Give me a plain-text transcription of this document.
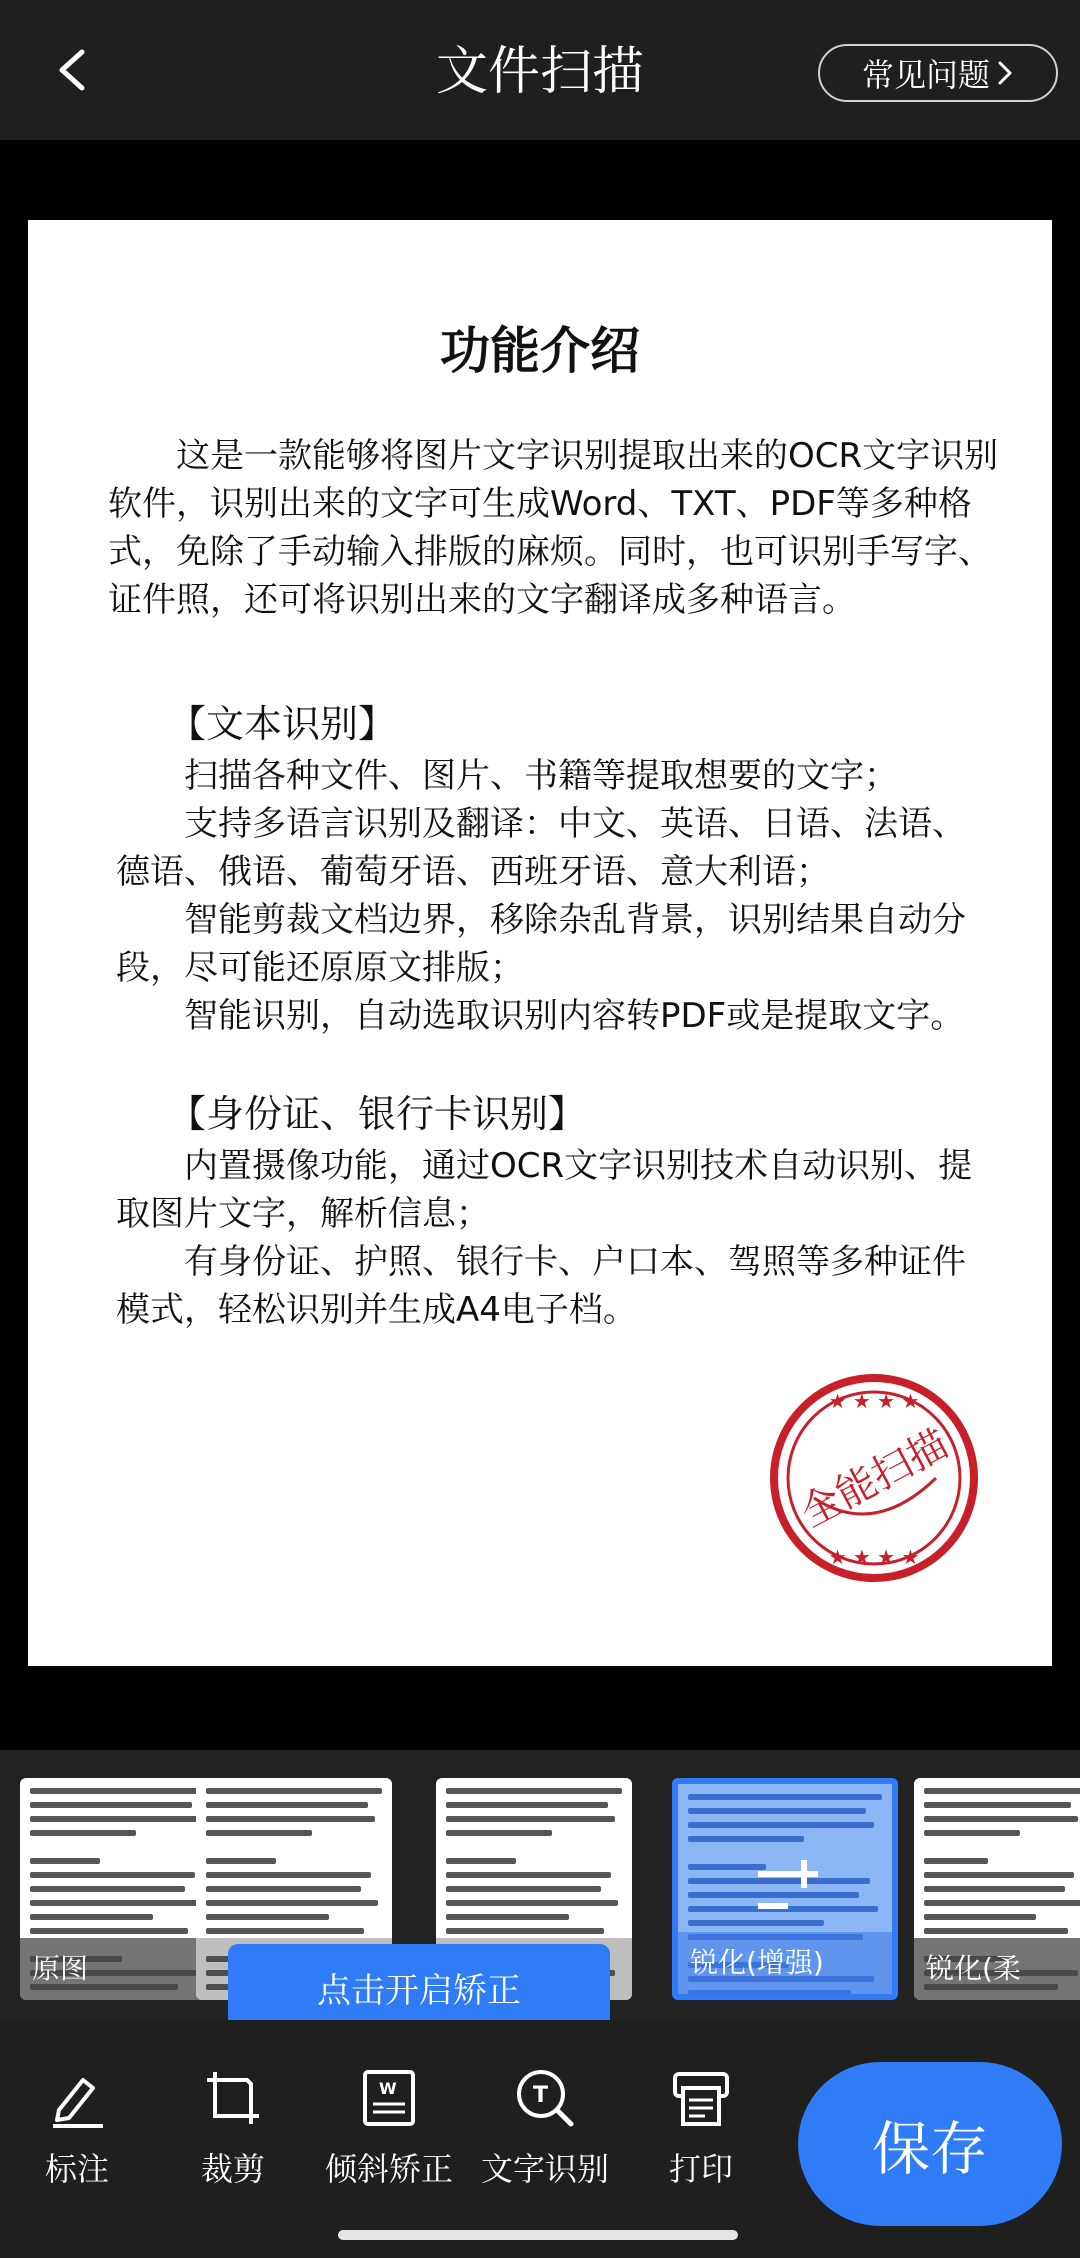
文件扫描	常见问题
功能介绍
这是一款能够将图片文字识别提取出来的OCR文字识别软件，识别出来的文字可生成Word、TXT、PDF等多种格式，免除了手动输入排版的麻烦。同时，也可识别手写字、证件照，还可将识别出来的文字翻译成多种语言。
【文本识别】
扫描各种文件、图片、书籍等提取想要的文字；
支持多语言识别及翻译：中文、英语、日语、法语、德语、俄语、葡萄牙语、西班牙语、意大利语；
智能剪裁文档边界，移除杂乱背景，识别结果自动分段，尽可能还原原文排版；
智能识别，自动选取识别内容转PDF或是提取文字。
【身份证、银行卡识别】
内置摄像功能，通过OCR文字识别技术自动识别、提取图片文字，解析信息；
有身份证、护照、银行卡、户口本、驾照等多种证件模式，轻松识别并生成A4电子档。
★ ★ ★ ★
★ ★ ★ ★
全能扫描
原图	锐化(增强)	锐化(柔
点击开启矫正
标注	裁剪
W
倾斜矫正
T
文字识别 打印	保存
